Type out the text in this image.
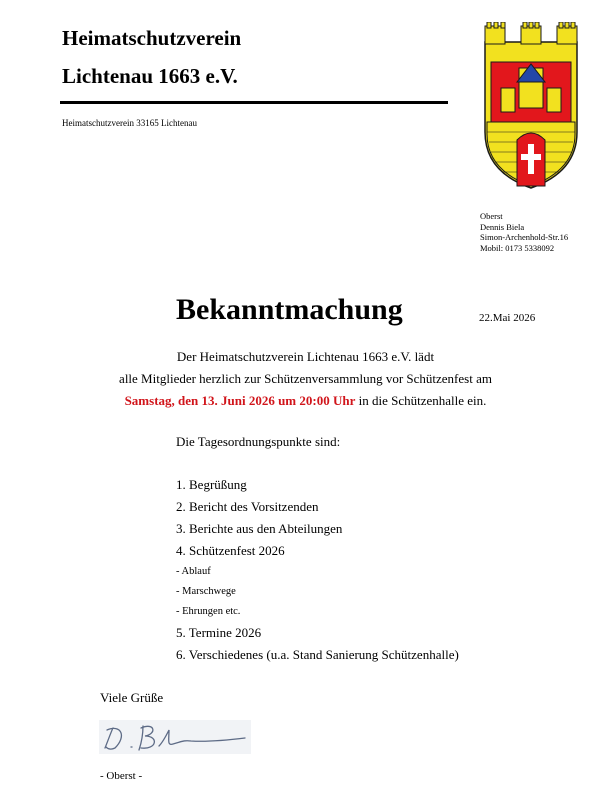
Heimatschutzverein
Lichtenau 1663 e.V.
Heimatschutzverein 33165 Lichtenau
Oberst
Dennis Biela
Simon-Archenhold-Str.16
Mobil: 0173 5338092
Bekanntmachung	22.Mai 2026
Der Heimatschutzverein Lichtenau 1663 e.V. lädt
alle Mitglieder herzlich zur Schützenversammlung vor Schützenfest am
Samstag, den 13. Juni 2026 um 20:00 Uhr in die Schützenhalle ein.
Die Tagesordnungspunkte sind:
1. Begrüßung
2. Bericht des Vorsitzenden
3. Berichte aus den Abteilungen
4. Schützenfest 2026
- Ablauf
- Marschwege
- Ehrungen etc.
5. Termine 2026
6. Verschiedenes (u.a. Stand Sanierung Schützenhalle)
Viele Grüße
- Oberst -
